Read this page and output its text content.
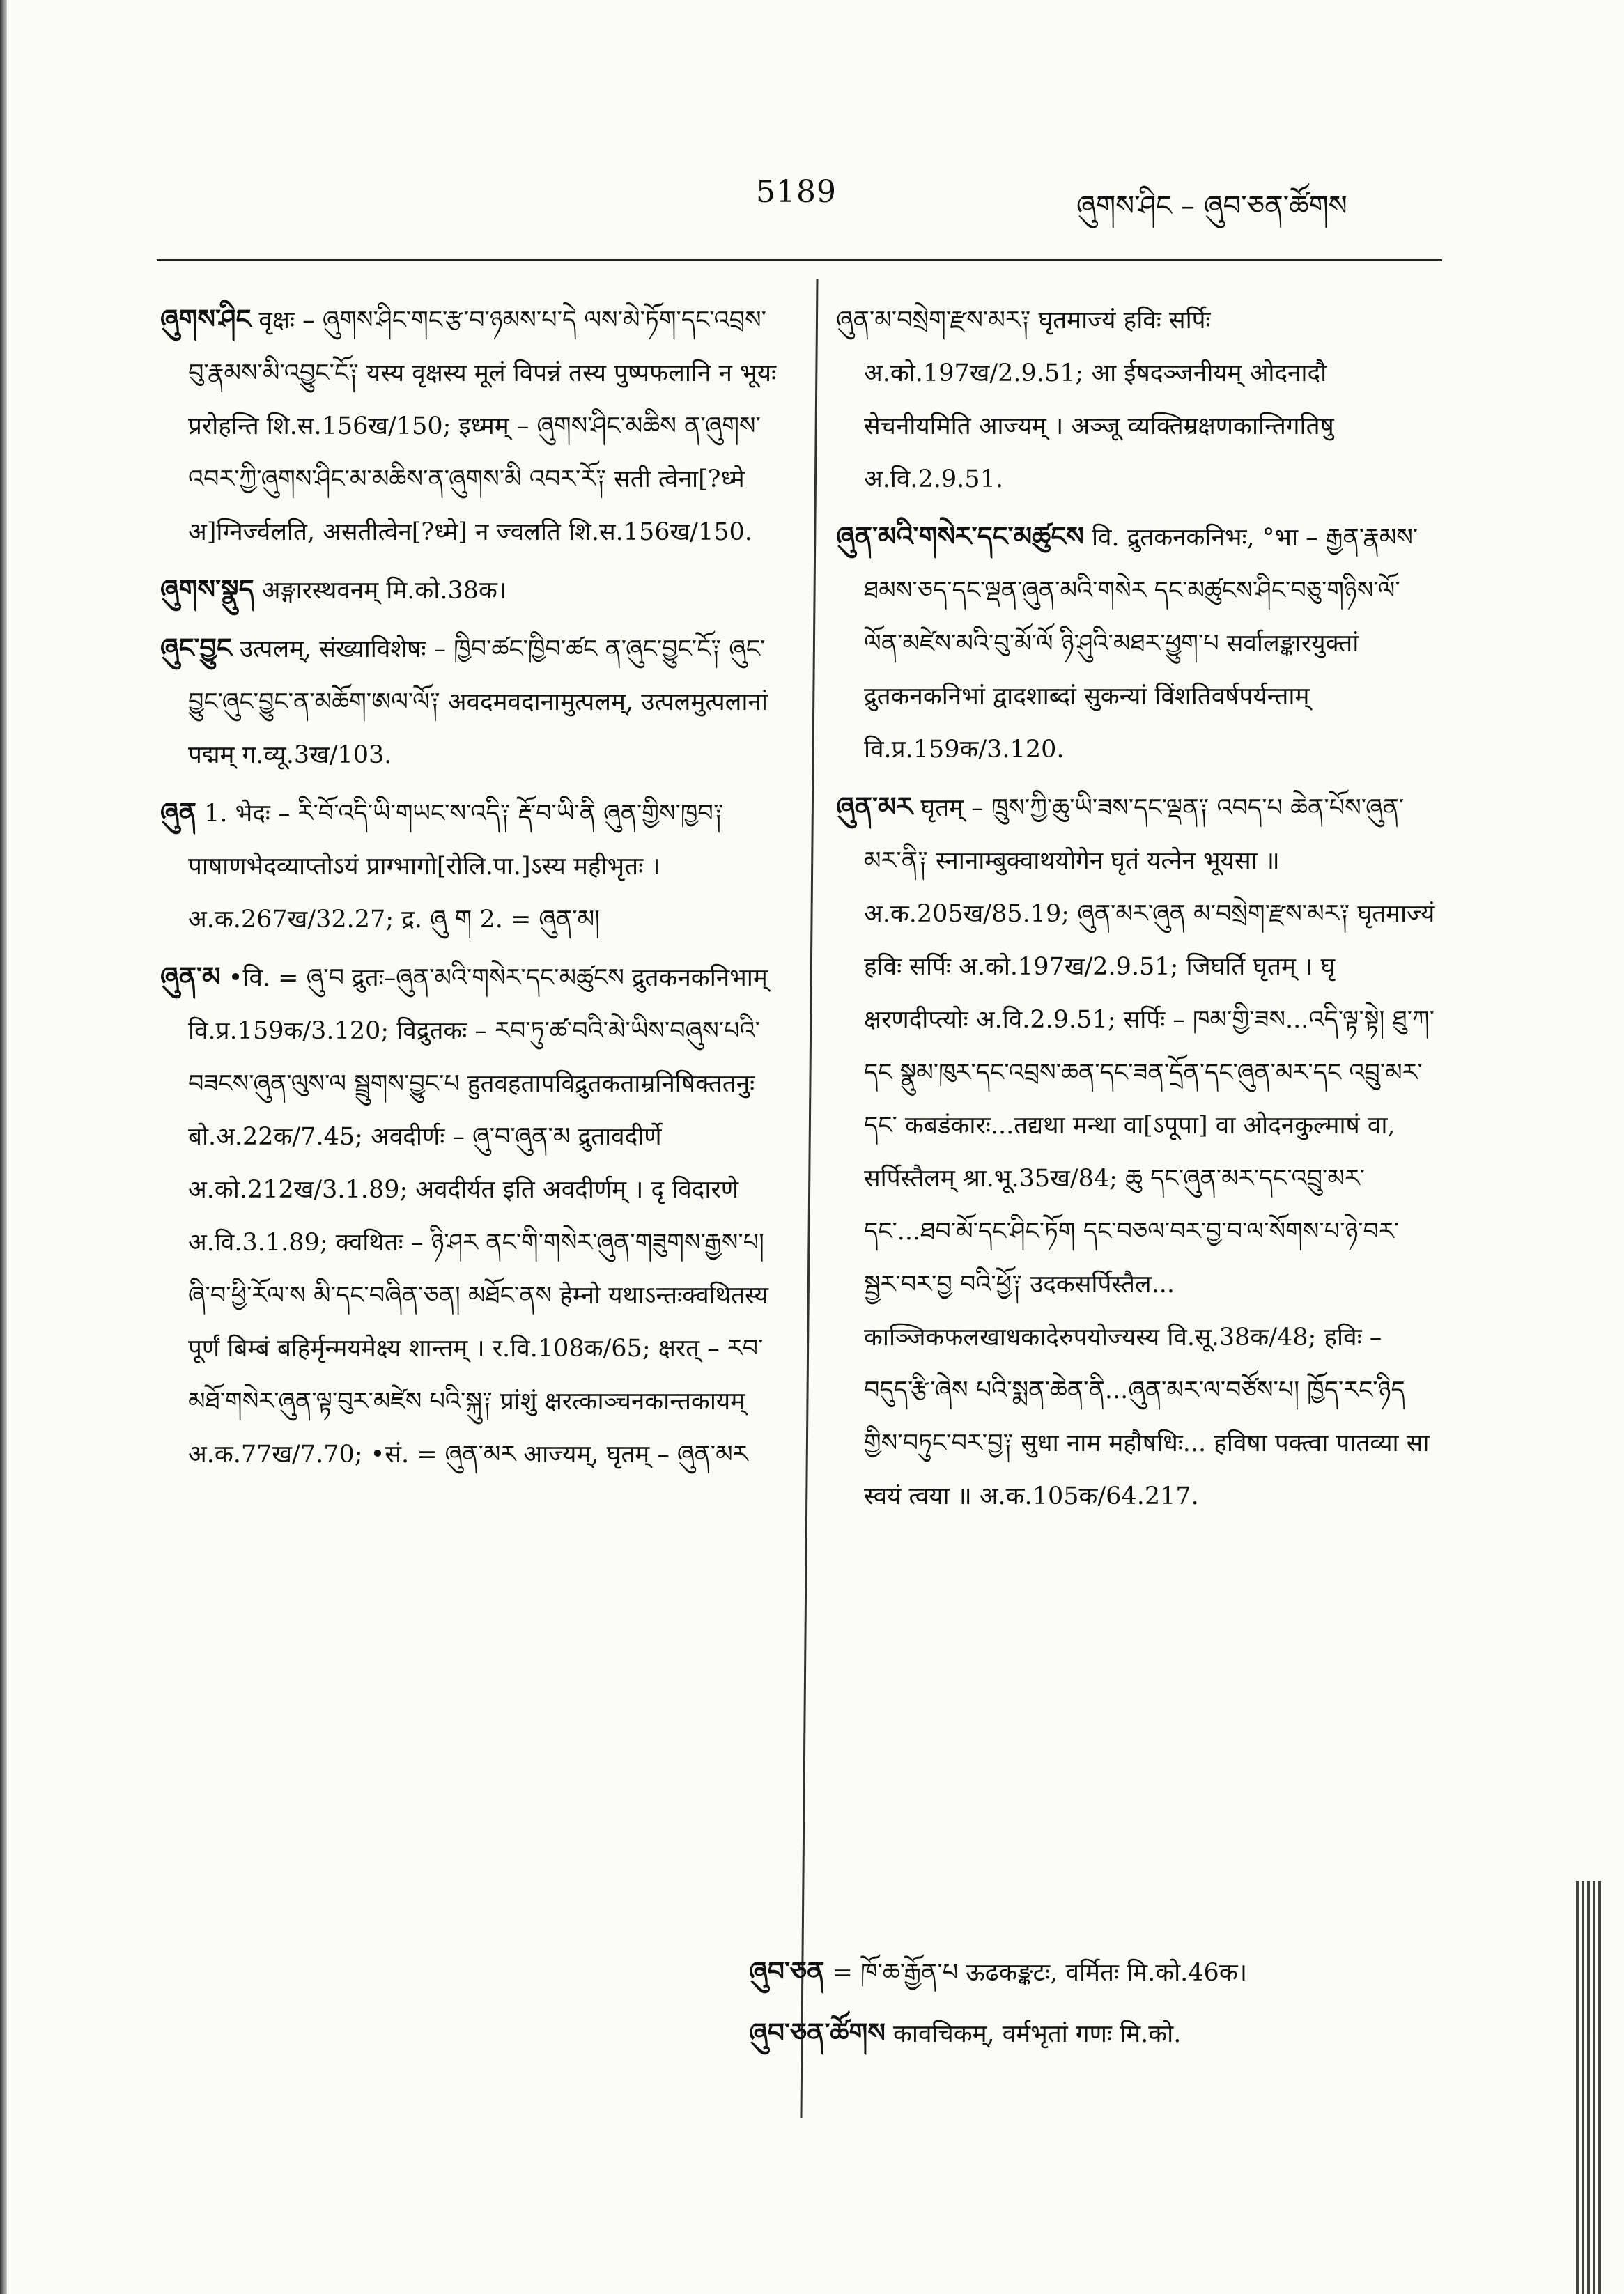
5189	ཞུགས་ཤིང – ཞུབ་ཅན་ཚོགས

ཞུགས་ཤིང वृक्षः – ཞུགས་ཤིང་གང་རྩ་བ་ཉམས་པ་དེ ལས་མེ་ཏོག་དང་འབྲས་བུ་རྣམས་མི་འབྱུང་ངོ༑ यस्य वृक्षस्य मूलं विपन्नं तस्य पुष्पफलानि न भूयः प्ररोहन्ति शि.स.156ख/150; इध्मम् – ཞུགས་ཤིང་མཆིས ན་ཞུགས་འབར་ཀྱི་ཞུགས་ཤིང་མ་མཆིས་ན་ཞུགས་མི འབར་རོ༑ सती त्वेना[?ध्मे अ]ग्निर्ज्वलति, असतीत्वेन[?ध्मे] न ज्वलति शि.स.156ख/150.

ཞུགས་སྣུད अङ्गारस्थवनम् मि.को.38क।

ཞུང་བྱུང उत्पलम्, संख्याविशेषः – ཁྱིབ་ཚང་ཁྱིབ་ཚང ན་ཞུང་བྱུང་ངོ༑ ཞུང་བྱུང་ཞུང་བྱུང་ན་མཆོག་ཨལ་ལོ༑ अवदमवदानामुत्पलम्, उत्पलमुत्पलानां पद्मम् ग.व्यू.3ख/103.

ཞུན 1. भेदः – རི་བོ་འདི་ཡི་གཡང་ས་འདི༑ རྡོ་བ་ཡི་ནི ཞུན་གྱིས་ཁྱབ༑ पाषाणभेदव्याप्तोऽयं प्राग्भागो[रोलि.पा.]ऽस्य महीभृतः । अ.क.267ख/32.27; द्र. ཞུ ག 2. = ཞུན་མ།

ཞུན་མ •वि. = ཞུ་བ द्रुतः–ཞུན་མའི་གསེར་དང་མཚུངས द्रुतकनकनिभाम् वि.प्र.159क/3.120; विद्रुतकः – རབ་ཏུ་ཚ་བའི་མེ་ཡིས་བཞུས་པའི་བཟངས་ཞུན་ལུས་ལ སྦྲུགས་བྱུང་པ हुतवहतापविद्रुतकताम्रनिषिक्ततनुः बो.अ.22क/7.45; अवदीर्णः – ཞུ་བ་ཞུན་མ द्रुतावदीर्णे अ.को.212ख/3.1.89; अवदीर्यत इति अवदीर्णम् । दृ विदारणे अ.वि.3.1.89; क्वथितः – ཉི་ཤར ནང་གི་གསེར་ཞུན་གཟུགས་རྒྱས་པ། ཞི་བ་ཕྱི་རོལ་ས མི་དང་བཞིན་ཅན། མཐོང་ནས हेम्नो यथाऽन्तःक्वथितस्य पूर्णं बिम्बं बहिर्मृन्मयमेक्ष्य शान्तम् । र.वि.108क/65; क्षरत् – རབ་མཐོ་གསེར་ཞུན་ལྟ་བུར་མཛེས པའི་སྐུ༑ प्रांशुं क्षरत्काञ्चनकान्तकायम् अ.क.77ख/7.70; •सं. = ཞུན་མར आज्यम्, घृतम् – ཞུན་མར

ཞུན་མ་བསྲེག་རྫས་མར༑ घृतमाज्यं हविः सर्पिः अ.को.197ख/2.9.51; आ ईषदञ्जनीयम् ओदनादौ सेचनीयमिति आज्यम् । अञ्जू व्यक्तिम्रक्षणकान्तिगतिषु अ.वि.2.9.51.

ཞུན་མའི་གསེར་དང་མཚུངས वि. द्रुतकनकनिभः, °भा – རྒྱན་རྣམས་ཐམས་ཅད་དང་ལྡན་ཞུན་མའི་གསེར དང་མཚུངས་ཤིང་བཅུ་གཉིས་ལོ་ལོན་མཛེས་མའི་བུ་མོ་ལོ ཉི་ཤུའི་མཐར་ཕྱུག་པ सर्वालङ्कारयुक्तां द्रुतकनकनिभां द्वादशाब्दां सुकन्यां विंशतिवर्षपर्यन्ताम् वि.प्र.159क/3.120.

ཞུན་མར घृतम् – ཁྲུས་ཀྱི་ཆུ་ཡི་ཟས་དང་ལྡན༑ འབད་པ ཆེན་པོས་ཞུན་མར་ནི༑ स्नानाम्बुक्वाथयोगेन घृतं यत्नेन भूयसा ॥ अ.क.205ख/85.19; ཞུན་མར་ཞུན མ་བསྲེག་རྫས་མར༑ घृतमाज्यं हविः सर्पिः अ.को.197ख/2.9.51; जिघर्ति घृतम् । घृ क्षरणदीप्त्योः अ.वि.2.9.51; सर्पिः – ཁམ་གྱི་ཟས...འདི་ལྟ་སྟེ། ཐུ་ཀ་དང སྣུམ་ཁུར་དང་འབྲས་ཆན་དང་ཟན་དྲོན་དང་ཞུན་མར་དང འབྲུ་མར་དང་ कबडंकारः...तद्यथा मन्था वा[ऽपूपा] वा ओदनकुल्माषं वा, सर्पिस्तैलम् श्रा.भू.35ख/84; ཆུ དང་ཞུན་མར་དང་འབྲུ་མར་དང་...ཐབ་མོ་དང་ཤིང་ཏོག དང་བཅལ་བར་བྱ་བ་ལ་སོགས་པ་ཉེ་བར་སྦྱར་བར་བྱ བའི་ཕྱོ༑ उदकसर्पिस्तैल... काञ्जिकफलखाधकादेरुपयोज्यस्य वि.सू.38क/48; हविः – བདུད་རྩི་ཞེས པའི་སྨན་ཆེན་ནི...ཞུན་མར་ལ་བཙོས་པ། ཁྱོད་རང་ཉིད གྱིས་བཏུང་བར་བྱ༑ सुधा नाम महौषधिः... हविषा पक्त्वा पातव्या सा स्वयं त्वया ॥ अ.क.105क/64.217.

ཞུབ་ཅན = ཁོ་ཆ་རྒྱོན་པ ऊढकङ्कटः, वर्मितः मि.को.46क।

ཞུབ་ཅན་ཚོགས कावचिकम्, वर्मभृतां गणः मि.को.
